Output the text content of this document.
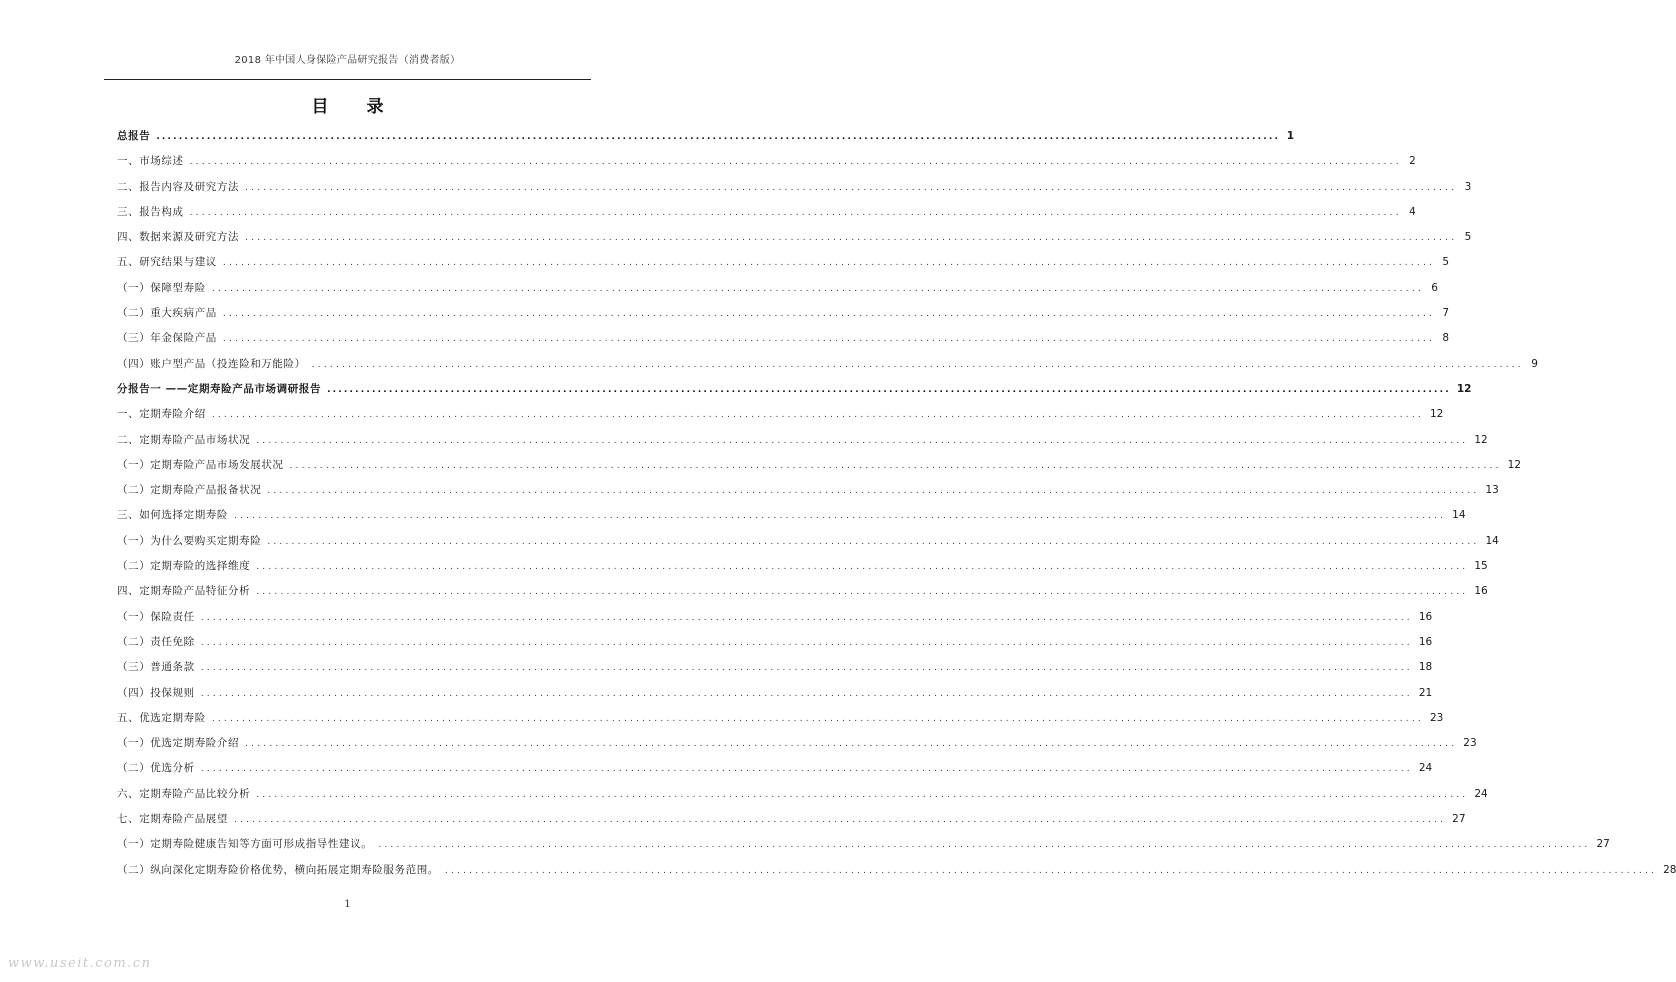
2018 年中国人身保险产品研究报告（消费者版）
目 录
总报告 ........................................................................................................................................................................................................ 1
一、市场综述 ........................................................................................................................................................................................................ 2
二、报告内容及研究方法 ........................................................................................................................................................................................................ 3
三、报告构成 ........................................................................................................................................................................................................ 4
四、数据来源及研究方法 ........................................................................................................................................................................................................ 5
五、研究结果与建议 ........................................................................................................................................................................................................ 5
（一）保障型寿险 ........................................................................................................................................................................................................ 6
（二）重大疾病产品 ........................................................................................................................................................................................................ 7
（三）年金保险产品 ........................................................................................................................................................................................................ 8
（四）账户型产品（投连险和万能险） ........................................................................................................................................................................................................ 9
分报告一 ——定期寿险产品市场调研报告 ........................................................................................................................................................................................................ 12
一、定期寿险介绍 ........................................................................................................................................................................................................ 12
二、定期寿险产品市场状况 ........................................................................................................................................................................................................ 12
（一）定期寿险产品市场发展状况 ........................................................................................................................................................................................................ 12
（二）定期寿险产品报备状况 ........................................................................................................................................................................................................ 13
三、如何选择定期寿险 ........................................................................................................................................................................................................ 14
（一）为什么要购买定期寿险 ........................................................................................................................................................................................................ 14
（二）定期寿险的选择维度 ........................................................................................................................................................................................................ 15
四、定期寿险产品特征分析 ........................................................................................................................................................................................................ 16
（一）保险责任 ........................................................................................................................................................................................................ 16
（二）责任免除 ........................................................................................................................................................................................................ 16
（三）普通条款 ........................................................................................................................................................................................................ 18
（四）投保规则 ........................................................................................................................................................................................................ 21
五、优选定期寿险 ........................................................................................................................................................................................................ 23
（一）优选定期寿险介绍 ........................................................................................................................................................................................................ 23
（二）优选分析 ........................................................................................................................................................................................................ 24
六、定期寿险产品比较分析 ........................................................................................................................................................................................................ 24
七、定期寿险产品展望 ........................................................................................................................................................................................................ 27
（一）定期寿险健康告知等方面可形成指导性建议。 ........................................................................................................................................................................................................ 27
（二）纵向深化定期寿险价格优势，横向拓展定期寿险服务范围。 ........................................................................................................................................................................................................ 28
1
www.useit.com.cn
